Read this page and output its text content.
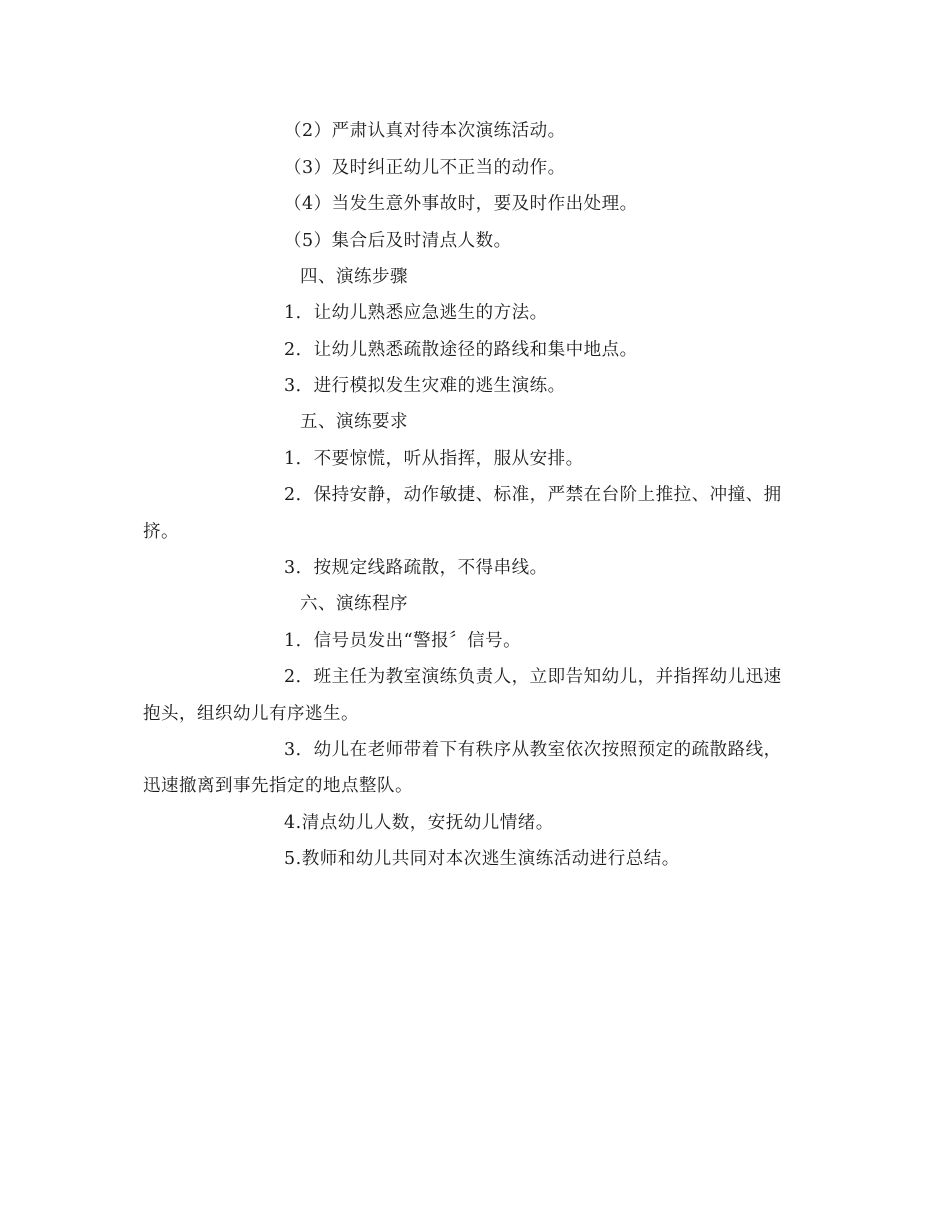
（2）严肃认真对待本次演练活动。
（3）及时纠正幼儿不正当的动作。
（4）当发生意外事故时，要及时作出处理。
（5）集合后及时清点人数。
四、演练步骤
1．让幼儿熟悉应急逃生的方法。
2．让幼儿熟悉疏散途径的路线和集中地点。
3．进行模拟发生灾难的逃生演练。
五、演练要求
1．不要惊慌，听从指挥，服从安排。
2．保持安静，动作敏捷、标准，严禁在台阶上推拉、冲撞、拥
挤。
3．按规定线路疏散，不得串线。
六、演练程序
1．信号员发出“警报〞信号。
2．班主任为教室演练负责人，立即告知幼儿，并指挥幼儿迅速
抱头，组织幼儿有序逃生。
3．幼儿在老师带着下有秩序从教室依次按照预定的疏散路线，
迅速撤离到事先指定的地点整队。
4.清点幼儿人数，安抚幼儿情绪。
5.教师和幼儿共同对本次逃生演练活动进行总结。
